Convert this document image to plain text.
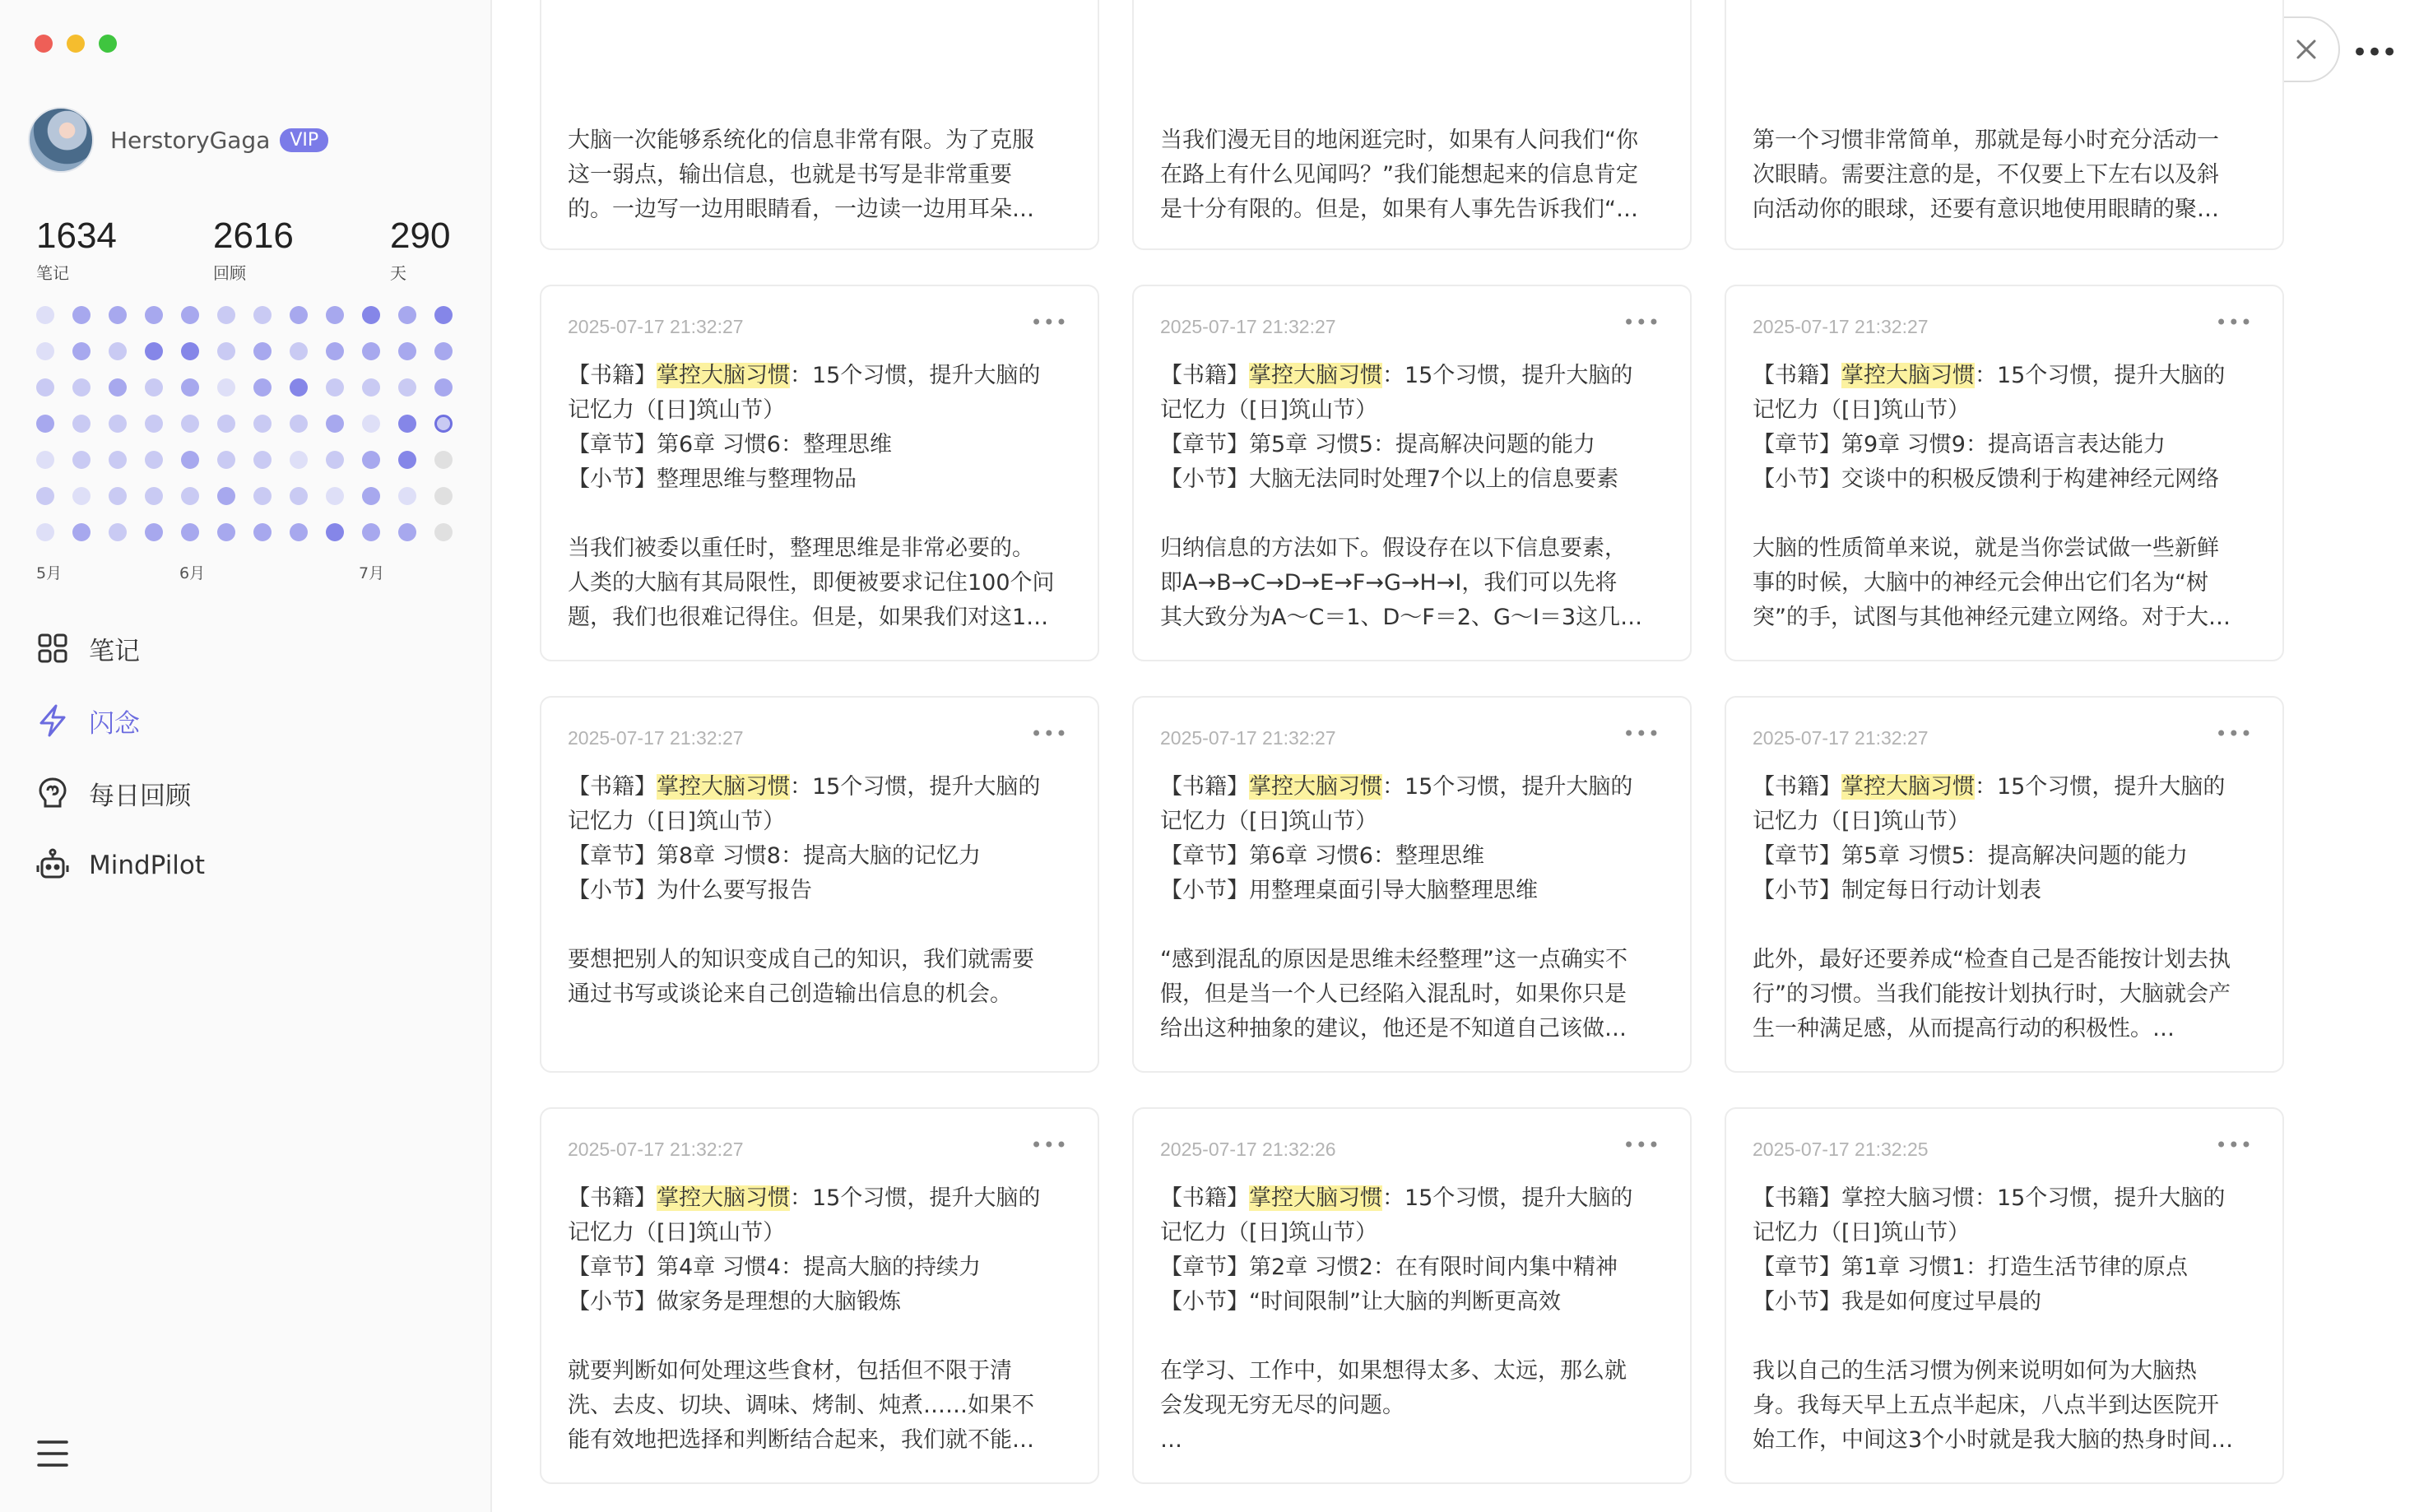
HerstoryGaga	VIP
1634
笔记
2616
回顾
290
天
5月	6月	7月
笔记
闪念
每日回顾
MindPilot
•••
大脑一次能够系统化的信息非常有限。为了克服
这一弱点，输出信息，也就是书写是非常重要
的。一边写一边用眼睛看，一边读一边用耳朵…
当我们漫无目的地闲逛完时，如果有人问我们“你
在路上有什么见闻吗？”我们能想起来的信息肯定
是十分有限的。但是，如果有人事先告诉我们“…
第一个习惯非常简单，那就是每小时充分活动一
次眼睛。需要注意的是，不仅要上下左右以及斜
向活动你的眼球，还要有意识地使用眼睛的聚…
2025-07-17 21:32:27	•••
【书籍】掌控大脑习惯：15个习惯，提升大脑的
记忆力（[日]筑山节）
【章节】第6章 习惯6：整理思维
【小节】整理思维与整理物品
当我们被委以重任时，整理思维是非常必要的。
人类的大脑有其局限性，即便被要求记住100个问
题，我们也很难记得住。但是，如果我们对这1…
2025-07-17 21:32:27	•••
【书籍】掌控大脑习惯：15个习惯，提升大脑的
记忆力（[日]筑山节）
【章节】第5章 习惯5：提高解决问题的能力
【小节】大脑无法同时处理7个以上的信息要素
归纳信息的方法如下。假设存在以下信息要素，
即A→B→C→D→E→F→G→H→I，我们可以先将
其大致分为A～C＝1、D～F＝2、G～I＝3这几…
2025-07-17 21:32:27	•••
【书籍】掌控大脑习惯：15个习惯，提升大脑的
记忆力（[日]筑山节）
【章节】第9章 习惯9：提高语言表达能力
【小节】交谈中的积极反馈利于构建神经元网络
大脑的性质简单来说，就是当你尝试做一些新鲜
事的时候，大脑中的神经元会伸出它们名为“树
突”的手，试图与其他神经元建立网络。对于大…
2025-07-17 21:32:27	•••
【书籍】掌控大脑习惯：15个习惯，提升大脑的
记忆力（[日]筑山节）
【章节】第8章 习惯8：提高大脑的记忆力
【小节】为什么要写报告
要想把别人的知识变成自己的知识，我们就需要
通过书写或谈论来自己创造输出信息的机会。
2025-07-17 21:32:27	•••
【书籍】掌控大脑习惯：15个习惯，提升大脑的
记忆力（[日]筑山节）
【章节】第6章 习惯6：整理思维
【小节】用整理桌面引导大脑整理思维
“感到混乱的原因是思维未经整理”这一点确实不
假，但是当一个人已经陷入混乱时，如果你只是
给出这种抽象的建议，他还是不知道自己该做…
2025-07-17 21:32:27	•••
【书籍】掌控大脑习惯：15个习惯，提升大脑的
记忆力（[日]筑山节）
【章节】第5章 习惯5：提高解决问题的能力
【小节】制定每日行动计划表
此外，最好还要养成“检查自己是否能按计划去执
行”的习惯。当我们能按计划执行时，大脑就会产
生一种满足感，从而提高行动的积极性。…
2025-07-17 21:32:27	•••
【书籍】掌控大脑习惯：15个习惯，提升大脑的
记忆力（[日]筑山节）
【章节】第4章 习惯4：提高大脑的持续力
【小节】做家务是理想的大脑锻炼
就要判断如何处理这些食材，包括但不限于清
洗、去皮、切块、调味、烤制、炖煮……如果不
能有效地把选择和判断结合起来，我们就不能…
2025-07-17 21:32:26	•••
【书籍】掌控大脑习惯：15个习惯，提升大脑的
记忆力（[日]筑山节）
【章节】第2章 习惯2：在有限时间内集中精神
【小节】“时间限制”让大脑的判断更高效
在学习、工作中，如果想得太多、太远，那么就
会发现无穷无尽的问题。
…
2025-07-17 21:32:25	•••
【书籍】掌控大脑习惯：15个习惯，提升大脑的
记忆力（[日]筑山节）
【章节】第1章 习惯1：打造生活节律的原点
【小节】我是如何度过早晨的
我以自己的生活习惯为例来说明如何为大脑热
身。我每天早上五点半起床，八点半到达医院开
始工作，中间这3个小时就是我大脑的热身时间…
